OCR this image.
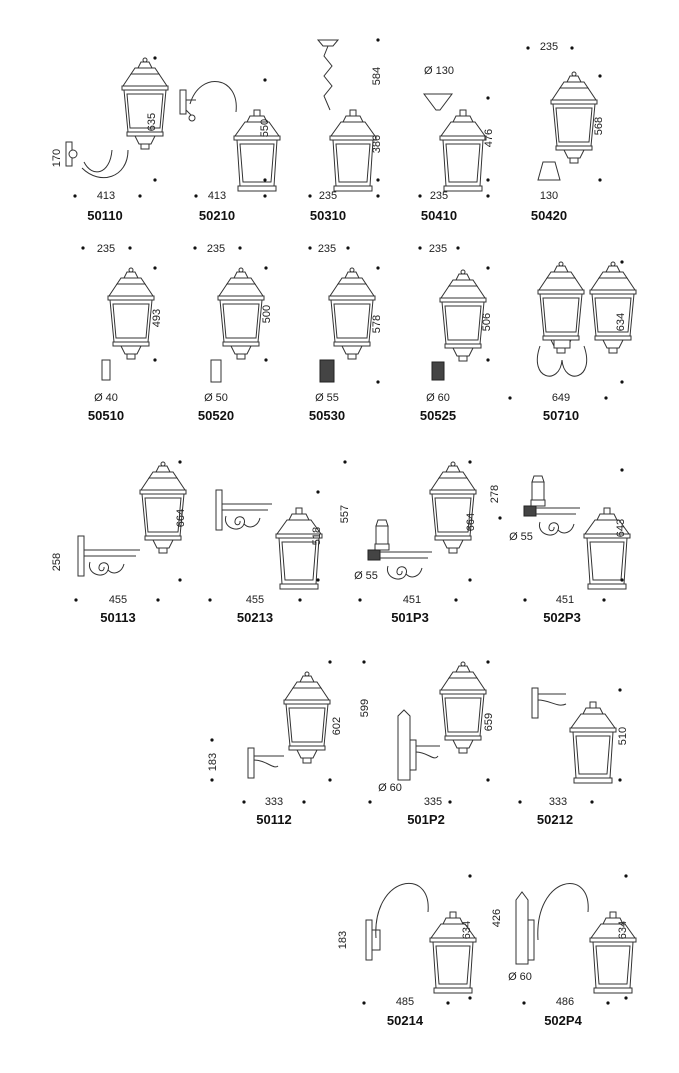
635
170
413
50110
550
413
50210
584
386
235
50310
Ø 130
476
235
50410
235
568
130
50420
235
493
Ø 40
50510
235
500
Ø 50
50520
235
578
Ø 55
50530
235
506
Ø 60
50525
634
649
50710
664
258
455
50113
518
455
50213
557	664
Ø 55
451
501P3
278
Ø 55	643
451
502P3
183
602
333
50112
599
659
Ø 60
335
501P2
510
333
50212
183
634
485
50214
426
Ø 60
634
486
502P4
